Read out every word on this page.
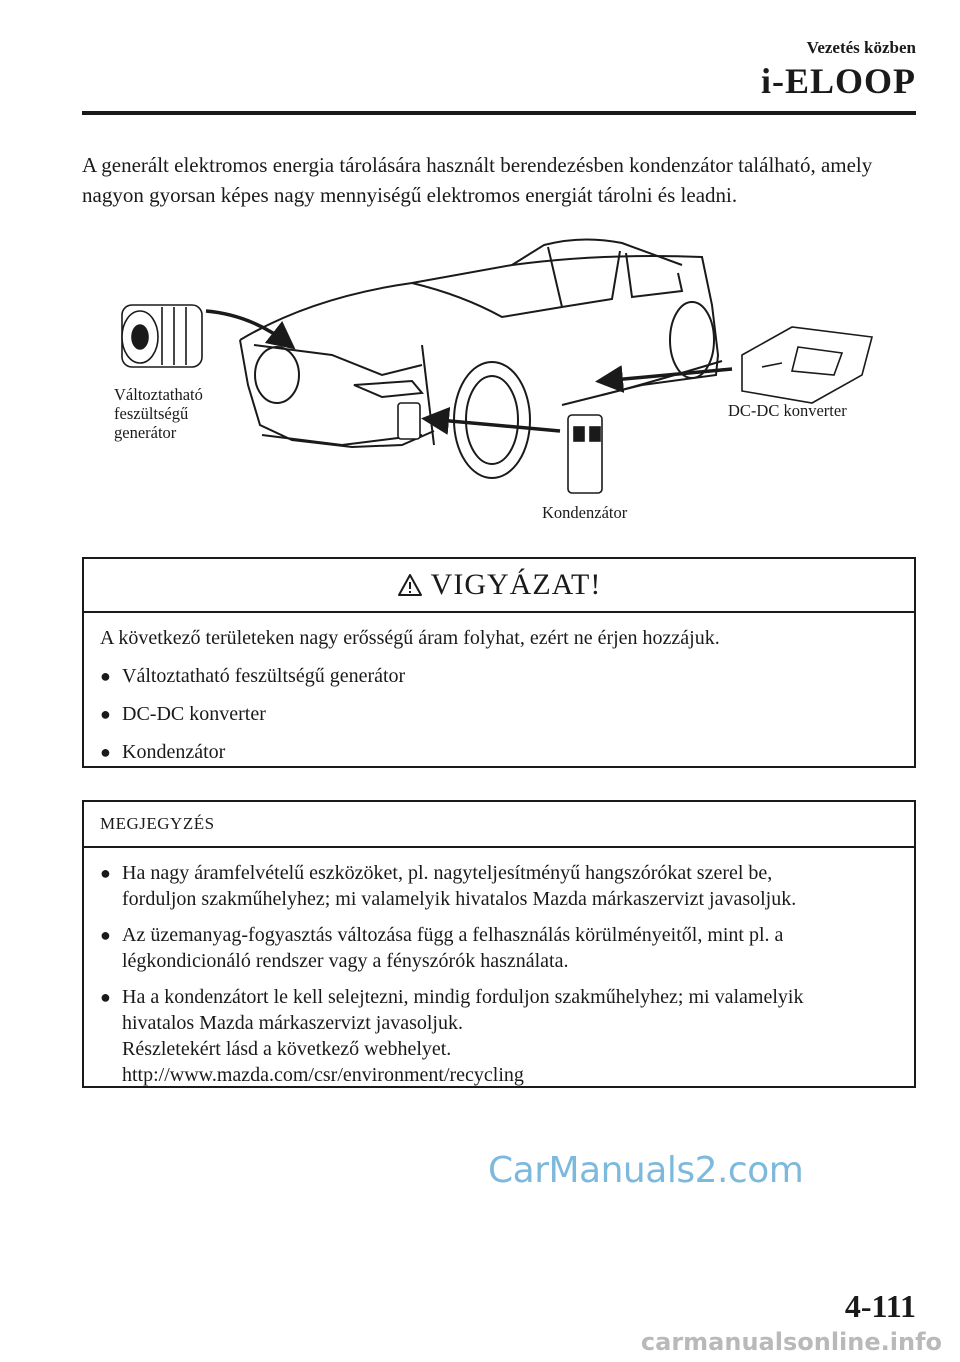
Vezetés közben
i-ELOOP

A generált elektromos energia tárolására használt berendezésben kondenzátor található, amely nagyon gyorsan képes nagy mennyiségű elektromos energiát tárolni és leadni.

Változtatható
feszültségű
generátor
DC-DC konverter
Kondenzátor
VIGYÁZAT!

A következő területeken nagy erősségű áram folyhat, ezért ne érjen hozzájuk.

● Változtatható feszültségű generátor
● DC-DC konverter
● Kondenzátor
MEGJEGYZÉS
● Ha nagy áramfelvételű eszközöket, pl. nagyteljesítményű hangszórókat szerel be,
forduljon szakműhelyhez; mi valamelyik hivatalos Mazda márkaszervizt javasoljuk.
● Az üzemanyag-fogyasztás változása függ a felhasználás körülményeitől, mint pl. a
légkondicionáló rendszer vagy a fényszórók használata.
● Ha a kondenzátort le kell selejtezni, mindig forduljon szakműhelyhez; mi valamelyik
hivatalos Mazda márkaszervizt javasoljuk.
Részletekért lásd a következő webhelyet.
http://www.mazda.com/csr/environment/recycling
CarManuals2.com
4-111
carmanualsonline.info
